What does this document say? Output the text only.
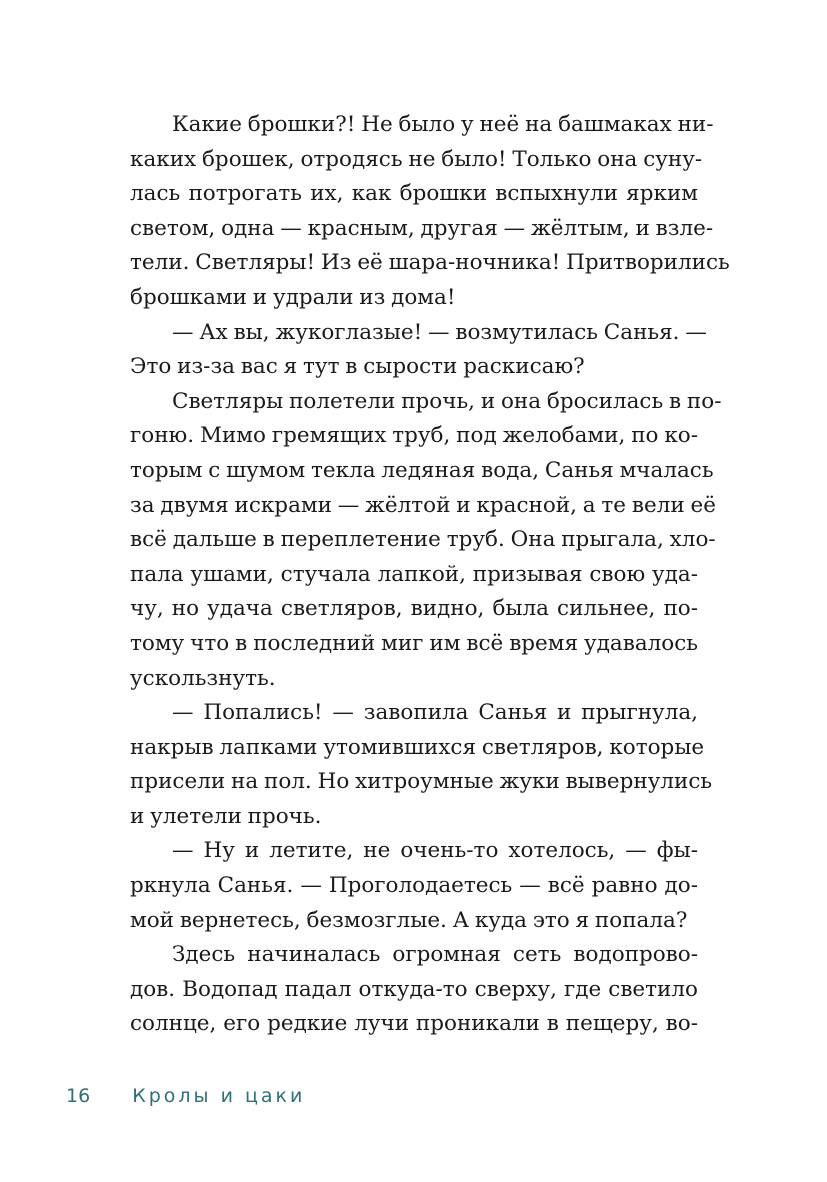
Какие брошки?! Не было у неё на башмаках ни-
каких брошек, отродясь не было! Только она суну-
лась потрогать их, как брошки вспыхнули ярким
светом, одна — красным, другая — жёлтым, и взле-
тели. Светляры! Из её шара-ночника! Притворились
брошками и удрали из дома!
— Ах вы, жукоглазые! — возмутилась Санья. —
Это из-за вас я тут в сырости раскисаю?
Светляры полетели прочь, и она бросилась в по-
гоню. Мимо гремящих труб, под желобами, по ко-
торым с шумом текла ледяная вода, Санья мчалась
за двумя искрами — жёлтой и красной, а те вели её
всё дальше в переплетение труб. Она прыгала, хло-
пала ушами, стучала лапкой, призывая свою уда-
чу, но удача светляров, видно, была сильнее, по-
тому что в последний миг им всё время удавалось
ускользнуть.
— Попались! — завопила Санья и прыгнула,
накрыв лапками утомившихся светляров, которые
присели на пол. Но хитроумные жуки вывернулись
и улетели прочь.
— Ну и летите, не очень-то хотелось, — фы-
ркнула Санья. — Проголодаетесь — всё равно до-
мой вернетесь, безмозглые. А куда это я попала?
Здесь начиналась огромная сеть водопрово-
дов. Водопад падал откуда-то сверху, где светило
солнце, его редкие лучи проникали в пещеру, во-
16 Кролы и цаки
